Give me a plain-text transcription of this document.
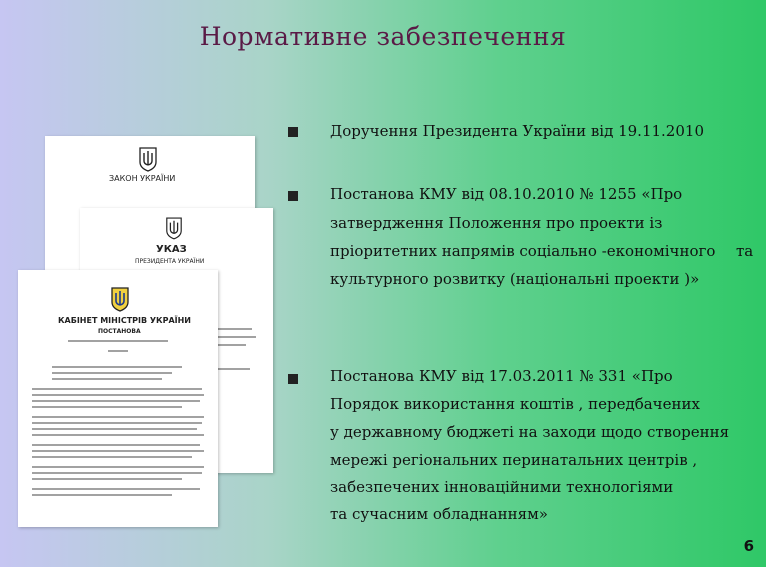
Нормативне забезпечення
ЗАКОН УКРАЇНИ
УКАЗ
ПРЕЗИДЕНТА УКРАЇНИ
КАБІНЕТ МІНІСТРІВ УКРАЇНИ
ПОСТАНОВА
Доручення Президента України від 19.11.2010
Постанова КМУ від 08.10.2010 № 1255 «Про
затвердження Положення про проекти із
пріоритетних напрямів соціально -економічного та
культурного розвитку (національні проекти )»
Постанова КМУ від 17.03.2011 № 331 «Про
Порядок використання коштів , передбачених
у державному бюджеті на заходи щодо створення
мережі регіональних перинатальних центрів ,
забезпечених інноваційними технологіями
та сучасним обладнанням»
6
